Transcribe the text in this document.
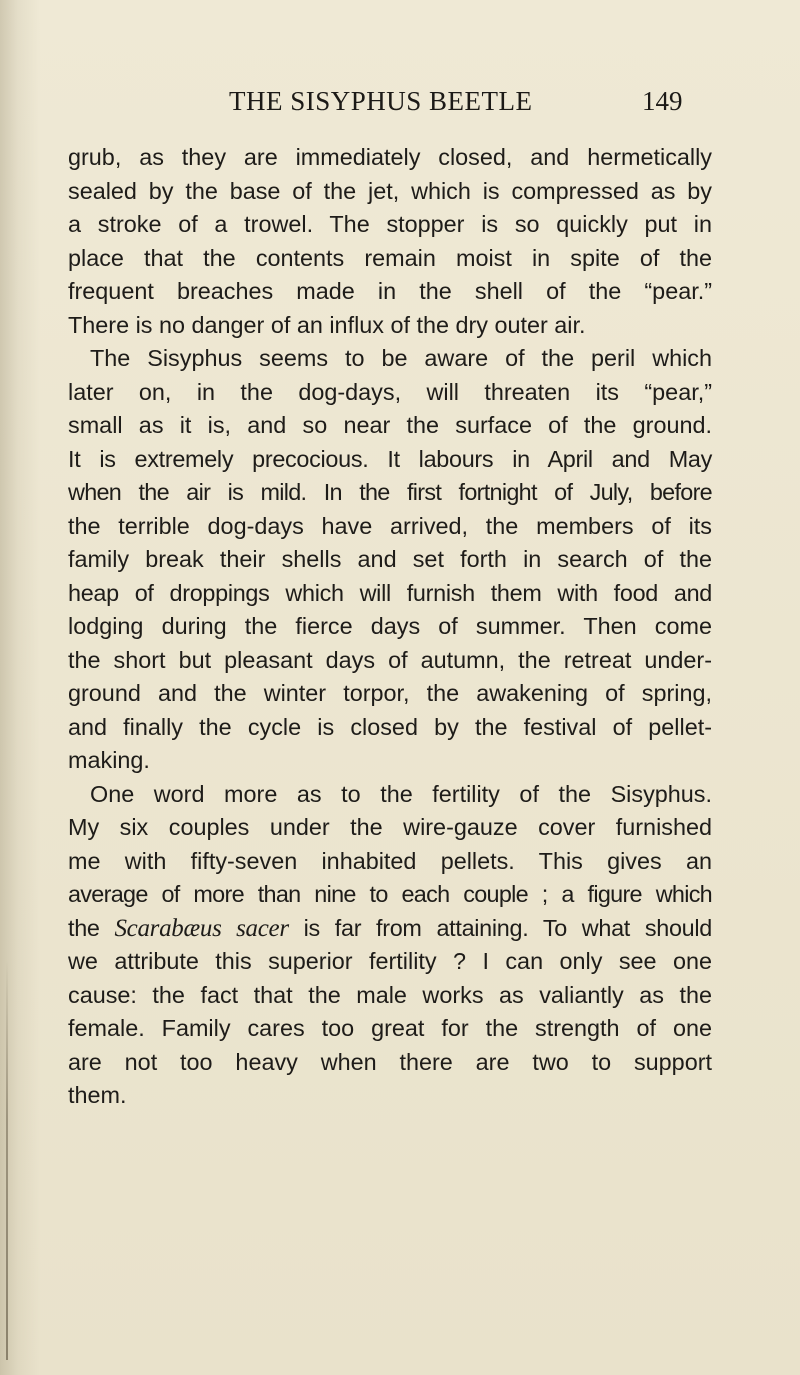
THE SISYPHUS BEETLE	149
grub, as they are immediately closed, and hermetically
sealed by the base of the jet, which is compressed as by
a stroke of a trowel. The stopper is so quickly put in
place that the contents remain moist in spite of the
frequent breaches made in the shell of the “pear.”
There is no danger of an influx of the dry outer air.
The Sisyphus seems to be aware of the peril which
later on, in the dog-days, will threaten its “pear,”
small as it is, and so near the surface of the ground.
It is extremely precocious. It labours in April and May
when the air is mild. In the first fortnight of July, before
the terrible dog-days have arrived, the members of its
family break their shells and set forth in search of the
heap of droppings which will furnish them with food and
lodging during the fierce days of summer. Then come
the short but pleasant days of autumn, the retreat under-
ground and the winter torpor, the awakening of spring,
and finally the cycle is closed by the festival of pellet-
making.
One word more as to the fertility of the Sisyphus.
My six couples under the wire-gauze cover furnished
me with fifty-seven inhabited pellets. This gives an
average of more than nine to each couple ; a figure which
the Scarabæus sacer is far from attaining. To what should
we attribute this superior fertility ? I can only see one
cause: the fact that the male works as valiantly as the
female. Family cares too great for the strength of one
are not too heavy when there are two to support
them.
